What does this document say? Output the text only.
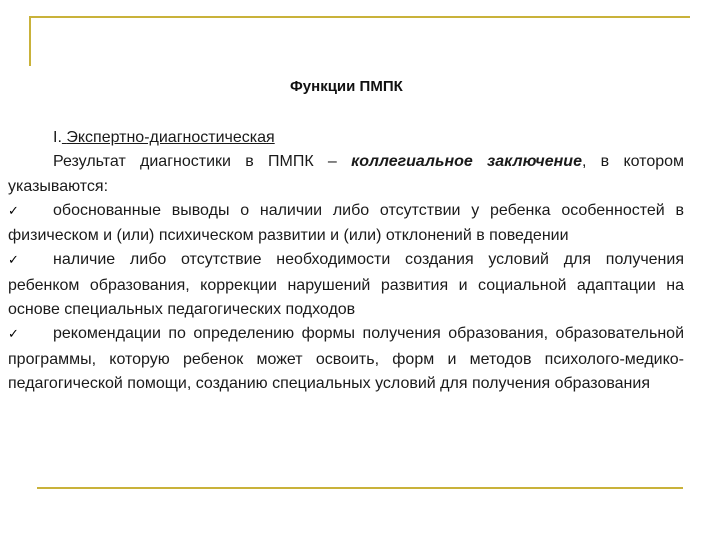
Функции ПМПК

I. Экспертно-диагностическая

Результат диагностики в ПМПК – коллегиальное заключение, в котором указываются:

✓ обоснованные выводы о наличии либо отсутствии у ребенка особенностей в физическом и (или) психическом развитии и (или) отклонений в поведении

✓ наличие либо отсутствие необходимости создания условий для получения ребенком образования, коррекции нарушений развития и социальной адаптации на основе специальных педагогических подходов

✓ рекомендации по определению формы получения образования, образовательной программы, которую ребенок может освоить, форм и методов психолого-медико-педагогической помощи, созданию специальных условий для получения образования
